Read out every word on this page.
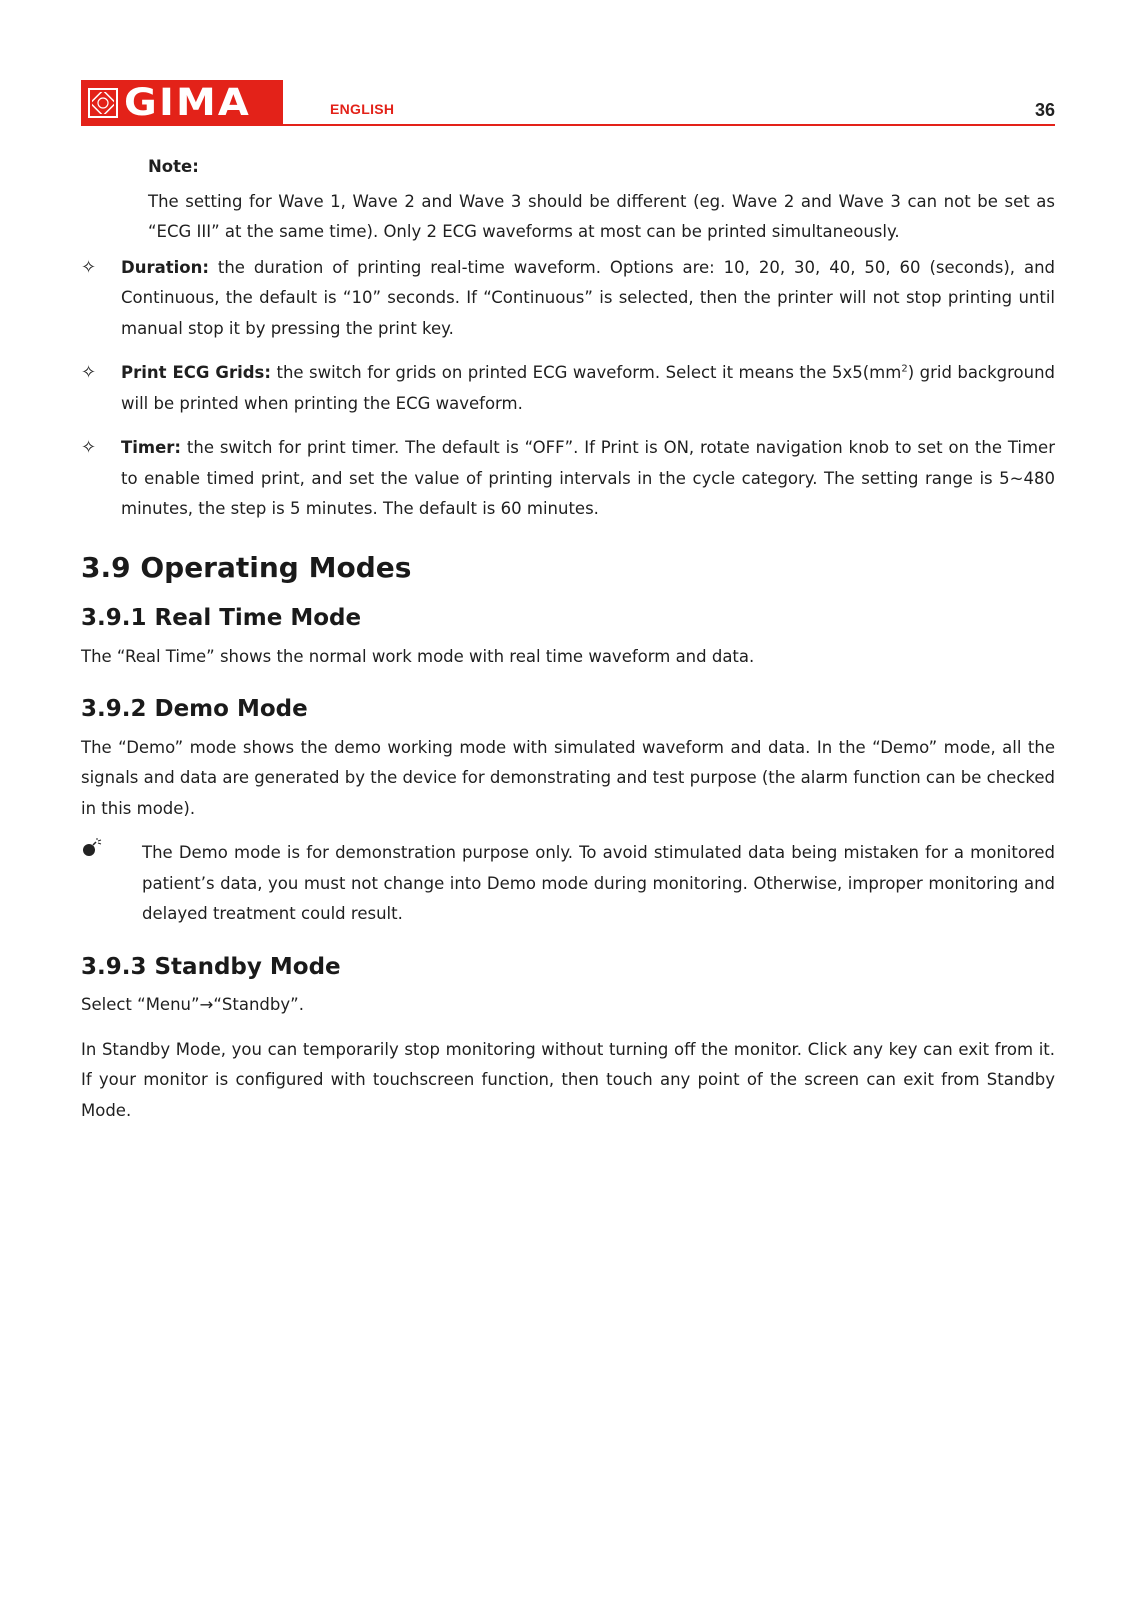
GIMA	ENGLISH	36

Note:

The setting for Wave 1, Wave 2 and Wave 3 should be different (eg. Wave 2 and Wave 3 can not be set as “ECG III” at the same time). Only 2 ECG waveforms at most can be printed simultaneously.

✧ Duration: the duration of printing real-time waveform. Options are: 10, 20, 30, 40, 50, 60 (seconds), and Continuous, the default is “10” seconds. If “Continuous” is selected, then the printer will not stop printing until manual stop it by pressing the print key.

✧ Print ECG Grids: the switch for grids on printed ECG waveform. Select it means the $5x5(mm^2)$ grid background will be printed when printing the ECG waveform.

✧ Timer: the switch for print timer. The default is “OFF”. If Print is ON, rotate navigation knob to set on the Timer to enable timed print, and set the value of printing intervals in the cycle category. The setting range is 5~480 minutes, the step is 5 minutes. The default is 60 minutes.

3.9 Operating Modes
3.9.1 Real Time Mode

The “Real Time” shows the normal work mode with real time waveform and data.

3.9.2 Demo Mode

The “Demo” mode shows the demo working mode with simulated waveform and data. In the “Demo” mode, all the signals and data are generated by the device for demonstrating and test purpose (the alarm function can be checked in this mode).

The Demo mode is for demonstration purpose only. To avoid stimulated data being mistaken for a monitored patient’s data, you must not change into Demo mode during monitoring. Otherwise, improper monitoring and delayed treatment could result.

3.9.3 Standby Mode

Select “Menu”→“Standby”.

In Standby Mode, you can temporarily stop monitoring without turning off the monitor. Click any key can exit from it. If your monitor is configured with touchscreen function, then touch any point of the screen can exit from Standby Mode.
